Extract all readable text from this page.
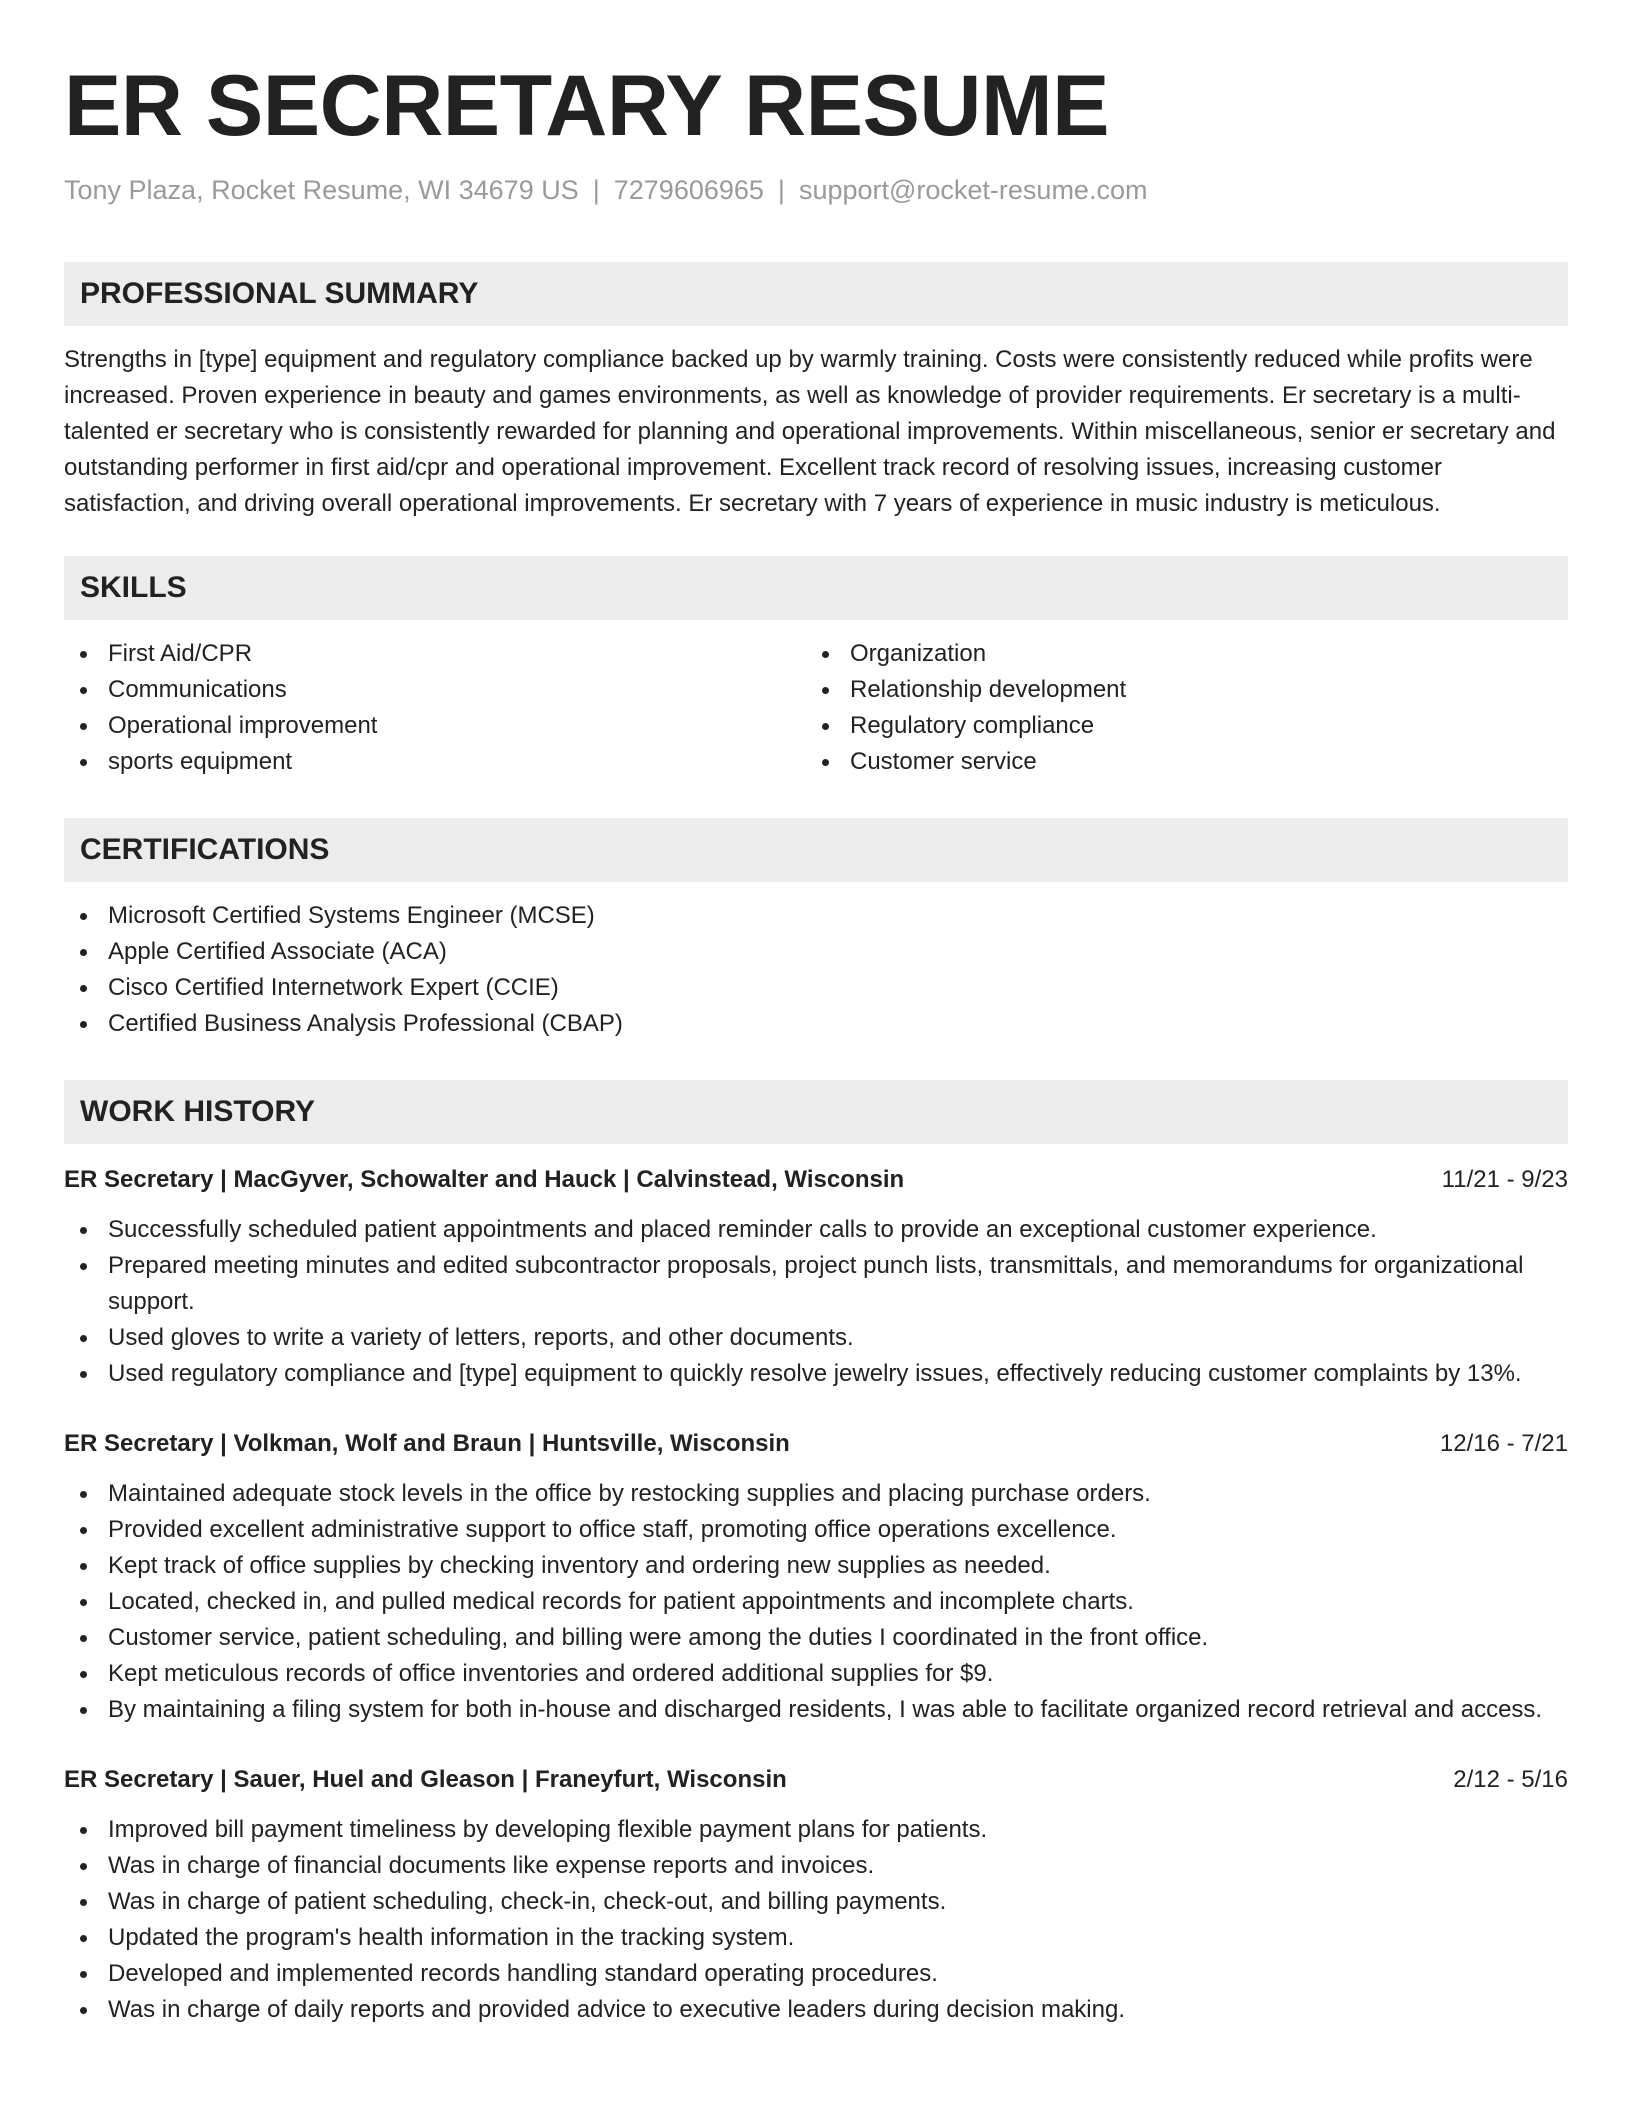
ER SECRETARY RESUME
Tony Plaza, Rocket Resume, WI 34679 US | 7279606965 | support@rocket-resume.com
PROFESSIONAL SUMMARY
Strengths in [type] equipment and regulatory compliance backed up by warmly training. Costs were consistently reduced while profits were increased. Proven experience in beauty and games environments, as well as knowledge of provider requirements. Er secretary is a multi-talented er secretary who is consistently rewarded for planning and operational improvements. Within miscellaneous, senior er secretary and outstanding performer in first aid/cpr and operational improvement. Excellent track record of resolving issues, increasing customer satisfaction, and driving overall operational improvements. Er secretary with 7 years of experience in music industry is meticulous.
SKILLS
First Aid/CPR
Communications
Operational improvement
sports equipment
Organization
Relationship development
Regulatory compliance
Customer service
CERTIFICATIONS
Microsoft Certified Systems Engineer (MCSE)
Apple Certified Associate (ACA)
Cisco Certified Internetwork Expert (CCIE)
Certified Business Analysis Professional (CBAP)
WORK HISTORY
ER Secretary | MacGyver, Schowalter and Hauck | Calvinstead, Wisconsin	11/21 - 9/23
Successfully scheduled patient appointments and placed reminder calls to provide an exceptional customer experience.
Prepared meeting minutes and edited subcontractor proposals, project punch lists, transmittals, and memorandums for organizational support.
Used gloves to write a variety of letters, reports, and other documents.
Used regulatory compliance and [type] equipment to quickly resolve jewelry issues, effectively reducing customer complaints by 13%.
ER Secretary | Volkman, Wolf and Braun | Huntsville, Wisconsin	12/16 - 7/21
Maintained adequate stock levels in the office by restocking supplies and placing purchase orders.
Provided excellent administrative support to office staff, promoting office operations excellence.
Kept track of office supplies by checking inventory and ordering new supplies as needed.
Located, checked in, and pulled medical records for patient appointments and incomplete charts.
Customer service, patient scheduling, and billing were among the duties I coordinated in the front office.
Kept meticulous records of office inventories and ordered additional supplies for $9.
By maintaining a filing system for both in-house and discharged residents, I was able to facilitate organized record retrieval and access.
ER Secretary | Sauer, Huel and Gleason | Franeyfurt, Wisconsin	2/12 - 5/16
Improved bill payment timeliness by developing flexible payment plans for patients.
Was in charge of financial documents like expense reports and invoices.
Was in charge of patient scheduling, check-in, check-out, and billing payments.
Updated the program's health information in the tracking system.
Developed and implemented records handling standard operating procedures.
Was in charge of daily reports and provided advice to executive leaders during decision making.
